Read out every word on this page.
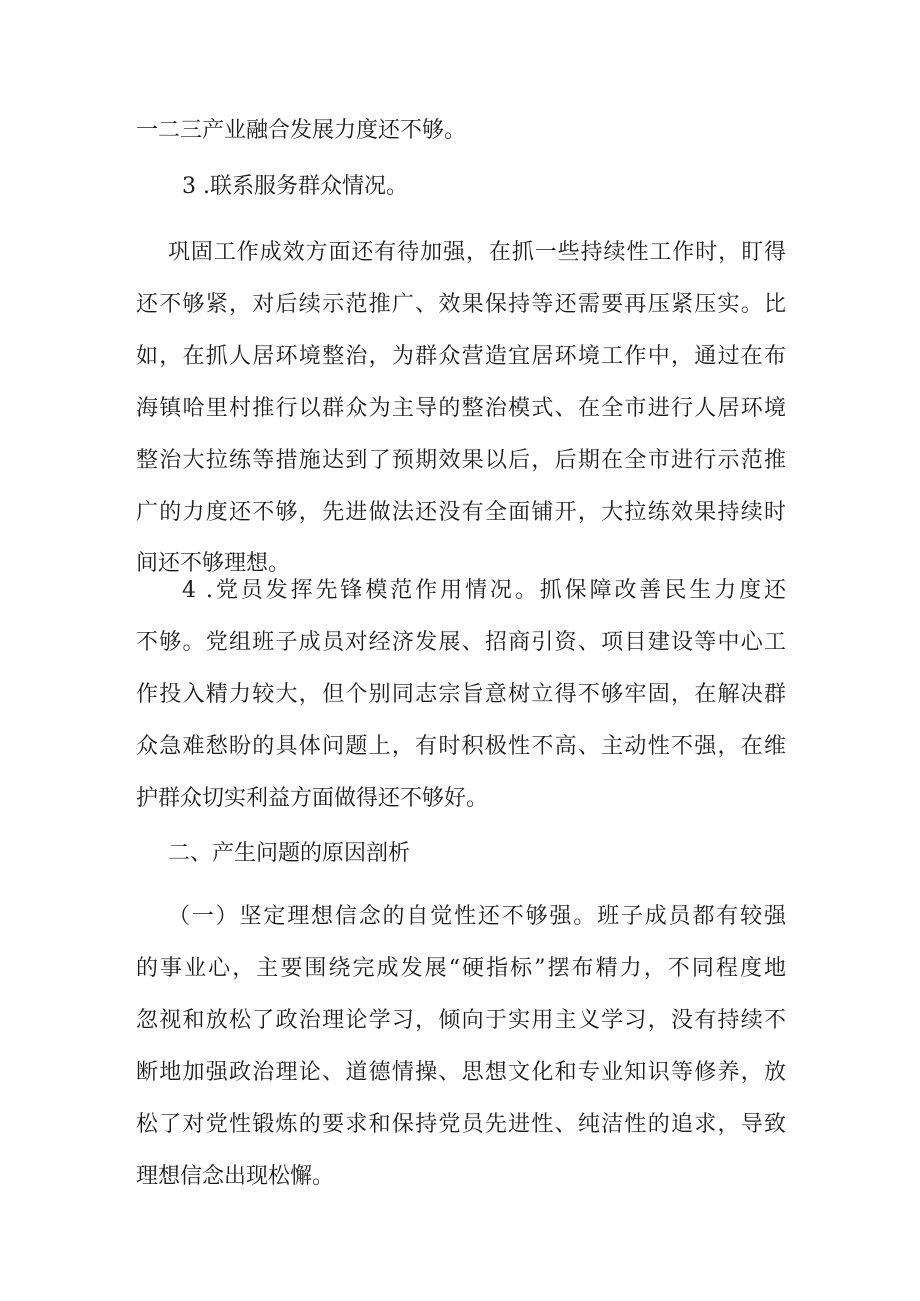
一二三产业融合发展力度还不够。
3 .联系服务群众情况。
巩固工作成效方面还有待加强，在抓一些持续性工作时，盯得
还不够紧，对后续示范推广、效果保持等还需要再压紧压实。比
如，在抓人居环境整治，为群众营造宜居环境工作中，通过在布
海镇哈里村推行以群众为主导的整治模式、在全市进行人居环境
整治大拉练等措施达到了预期效果以后，后期在全市进行示范推
广的力度还不够，先进做法还没有全面铺开，大拉练效果持续时
间还不够理想。
4 .党员发挥先锋模范作用情况。抓保障改善民生力度还
不够。党组班子成员对经济发展、招商引资、项目建设等中心工
作投入精力较大，但个别同志宗旨意树立得不够牢固，在解决群
众急难愁盼的具体问题上，有时积极性不高、主动性不强，在维
护群众切实利益方面做得还不够好。
二、产生问题的原因剖析
（一）坚定理想信念的自觉性还不够强。班子成员都有较强
的事业心，主要围绕完成发展“硬指标”摆布精力，不同程度地
忽视和放松了政治理论学习，倾向于实用主义学习，没有持续不
断地加强政治理论、道德情操、思想文化和专业知识等修养，放
松了对党性锻炼的要求和保持党员先进性、纯洁性的追求，导致
理想信念出现松懈。
